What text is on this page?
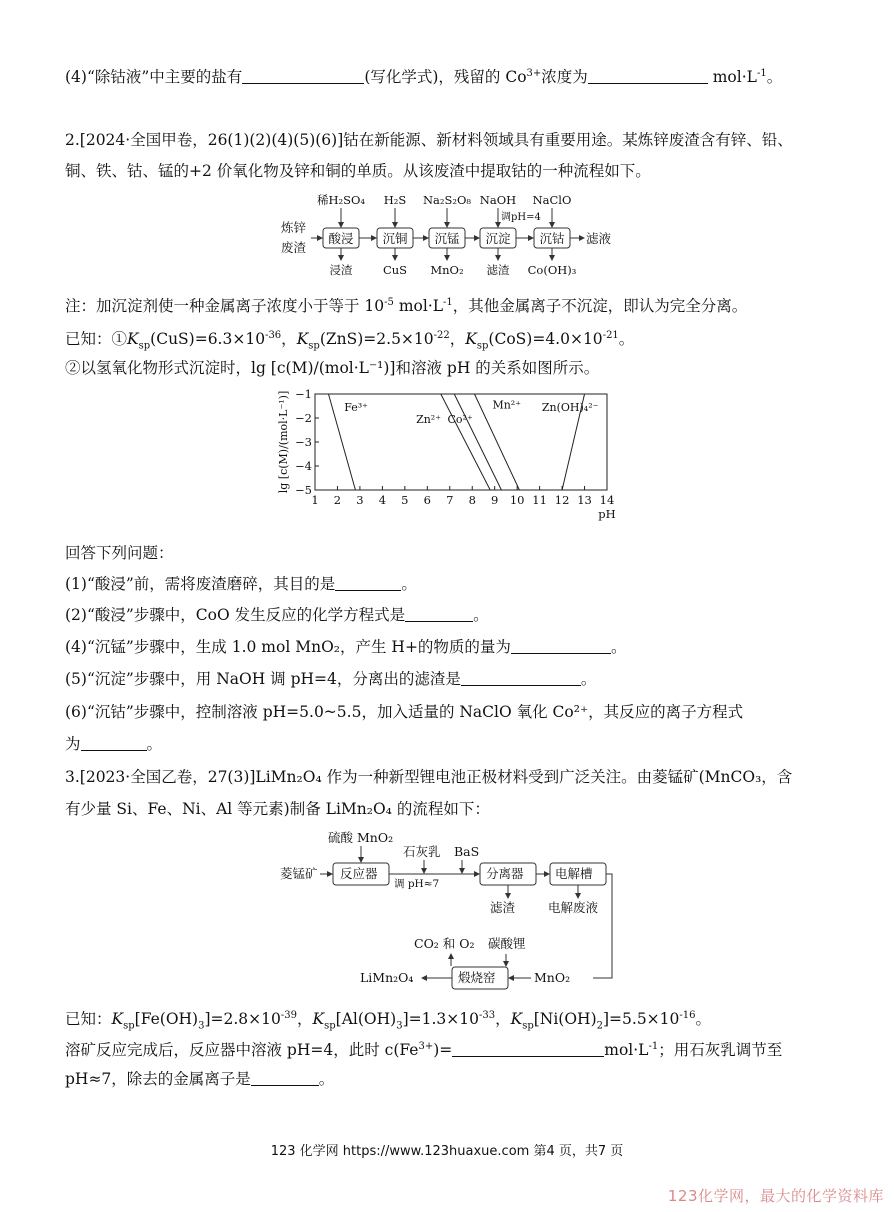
(4)“除钴液”中主要的盐有	(写化学式)，残留的 $Co^{3+}$浓度为	$mol\cdot L^{-1}$。
2.[2024·全国甲卷，26(1)(2)(4)(5)(6)]钴在新能源、新材料领域具有重要用途。某炼锌废渣含有锌、铅、
铜、铁、钴、锰的+2 价氧化物及锌和铜的单质。从该废渣中提取钴的一种流程如下。
炼锌
废渣
酸浸
稀H₂SO₄
浸渣
沉铜
H₂S
CuS
沉锰
Na₂S₂O₈
MnO₂
沉淀
NaOH
滤渣
沉钴
NaClO
Co(OH)₃
调pH=4
滤液
注：加沉淀剂使一种金属离子浓度小于等于 $10^{-5}$ $mol\cdot L^{-1}$，其他金属离子不沉淀，即认为完全分离。
已知：$①K_{sp}(CuS)=6.3\times 10^{-36}$，$K_{sp}(ZnS)=2.5\times 10^{-22}$，$K_{sp}(CoS)=4.0\times 10^{-21}$。
②以氢氧化物形式沉淀时，lg [c(M)/(mol·L⁻¹)]和溶液 pH 的关系如图所示。
1 2 3 4 5 6 7 8 9 10 11 12 13 14
−1
−2
−3
−4
−5
pH
lg [c(M)/(mol·L⁻¹)]	Fe³⁺
Zn²⁺ Co²⁺
Mn²⁺ Zn(OH)₄²⁻
回答下列问题：
(1)“酸浸”前，需将废渣磨碎，其目的是	。
(2)“酸浸”步骤中，CoO 发生反应的化学方程式是	。
(4)“沉锰”步骤中，生成 1.0 mol MnO₂，产生 H+的物质的量为	。
(5)“沉淀”步骤中，用 NaOH 调 pH=4，分离出的滤渣是	。
(6)“沉钴”步骤中，控制溶液 pH=5.0~5.5，加入适量的 NaClO 氧化 Co²⁺，其反应的离子方程式
为	。
3.[2023·全国乙卷，27(3)]LiMn₂O₄ 作为一种新型锂电池正极材料受到广泛关注。由菱锰矿(MnCO₃，含
有少量 Si、Fe、Ni、Al 等元素)制备 LiMn₂O₄ 的流程如下：
菱锰矿
硫酸 MnO₂
石灰乳 BaS
调 pH≈7
反应器	分离器	电解槽
滤渣	电解废液
CO₂ 和 O₂ 碳酸锂
煅烧窑	MnO₂
LiMn₂O₄
已知：$K_{sp}[Fe(OH)_3]=2.8\times 10^{-39}$，$K_{sp}[Al(OH)_3]=1.3\times 10^{-33}$，$K_{sp}[Ni(OH)_2]=5.5\times 10^{-16}$。
溶矿反应完成后，反应器中溶液 pH=4，此时 $c(Fe^{3+})=$	$mol\cdot L^{-1}$；用石灰乳调节至
pH≈7，除去的金属离子是	。
123 化学网 https://www.123huaxue.com 第4 页，共7 页
123化学网，最大的化学资料库
